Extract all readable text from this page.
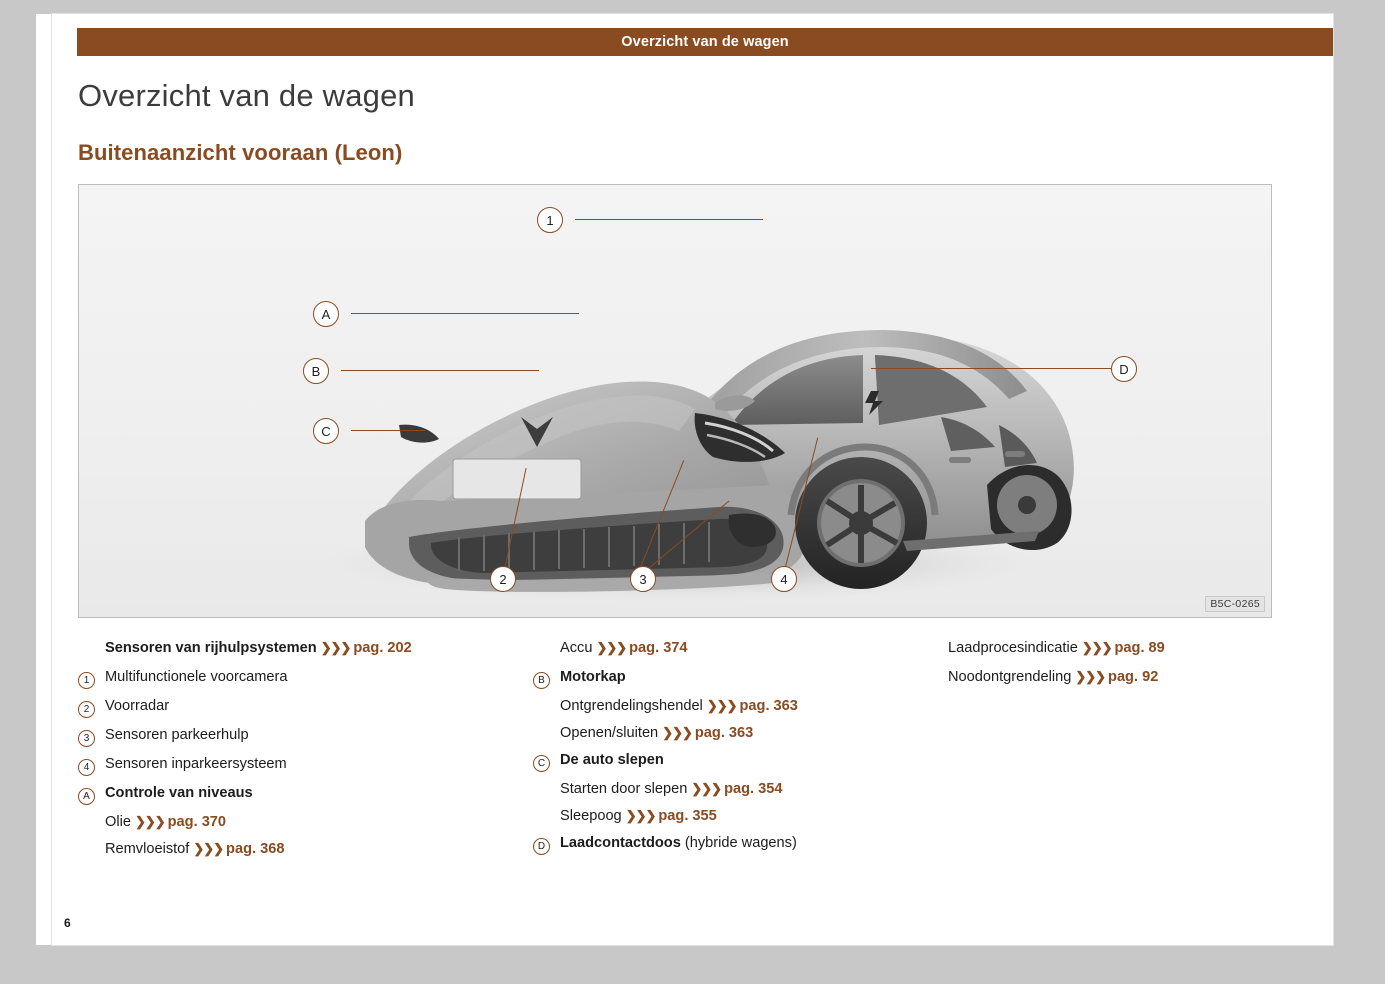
Overzicht van de wagen
Overzicht van de wagen
Buitenaanzicht vooraan (Leon)
1
A
B
C
D
2	3	4
B5C-0265
Sensoren van rijhulpsystemen ❯❯❯ pag. 202
1	Multifunctionele voorcamera
2	Voorradar
3	Sensoren parkeerhulp
4	Sensoren inparkeersysteem
A	Controle van niveaus
Olie ❯❯❯ pag. 370
Remvloeistof ❯❯❯ pag. 368
Accu ❯❯❯ pag. 374
B	Motorkap
Ontgrendelingshendel ❯❯❯ pag. 363
Openen/sluiten ❯❯❯ pag. 363
C	De auto slepen
Starten door slepen ❯❯❯ pag. 354
Sleepoog ❯❯❯ pag. 355
D	Laadcontactdoos (hybride wagens)
Laadprocesindicatie ❯❯❯ pag. 89
Noodontgrendeling ❯❯❯ pag. 92
6
